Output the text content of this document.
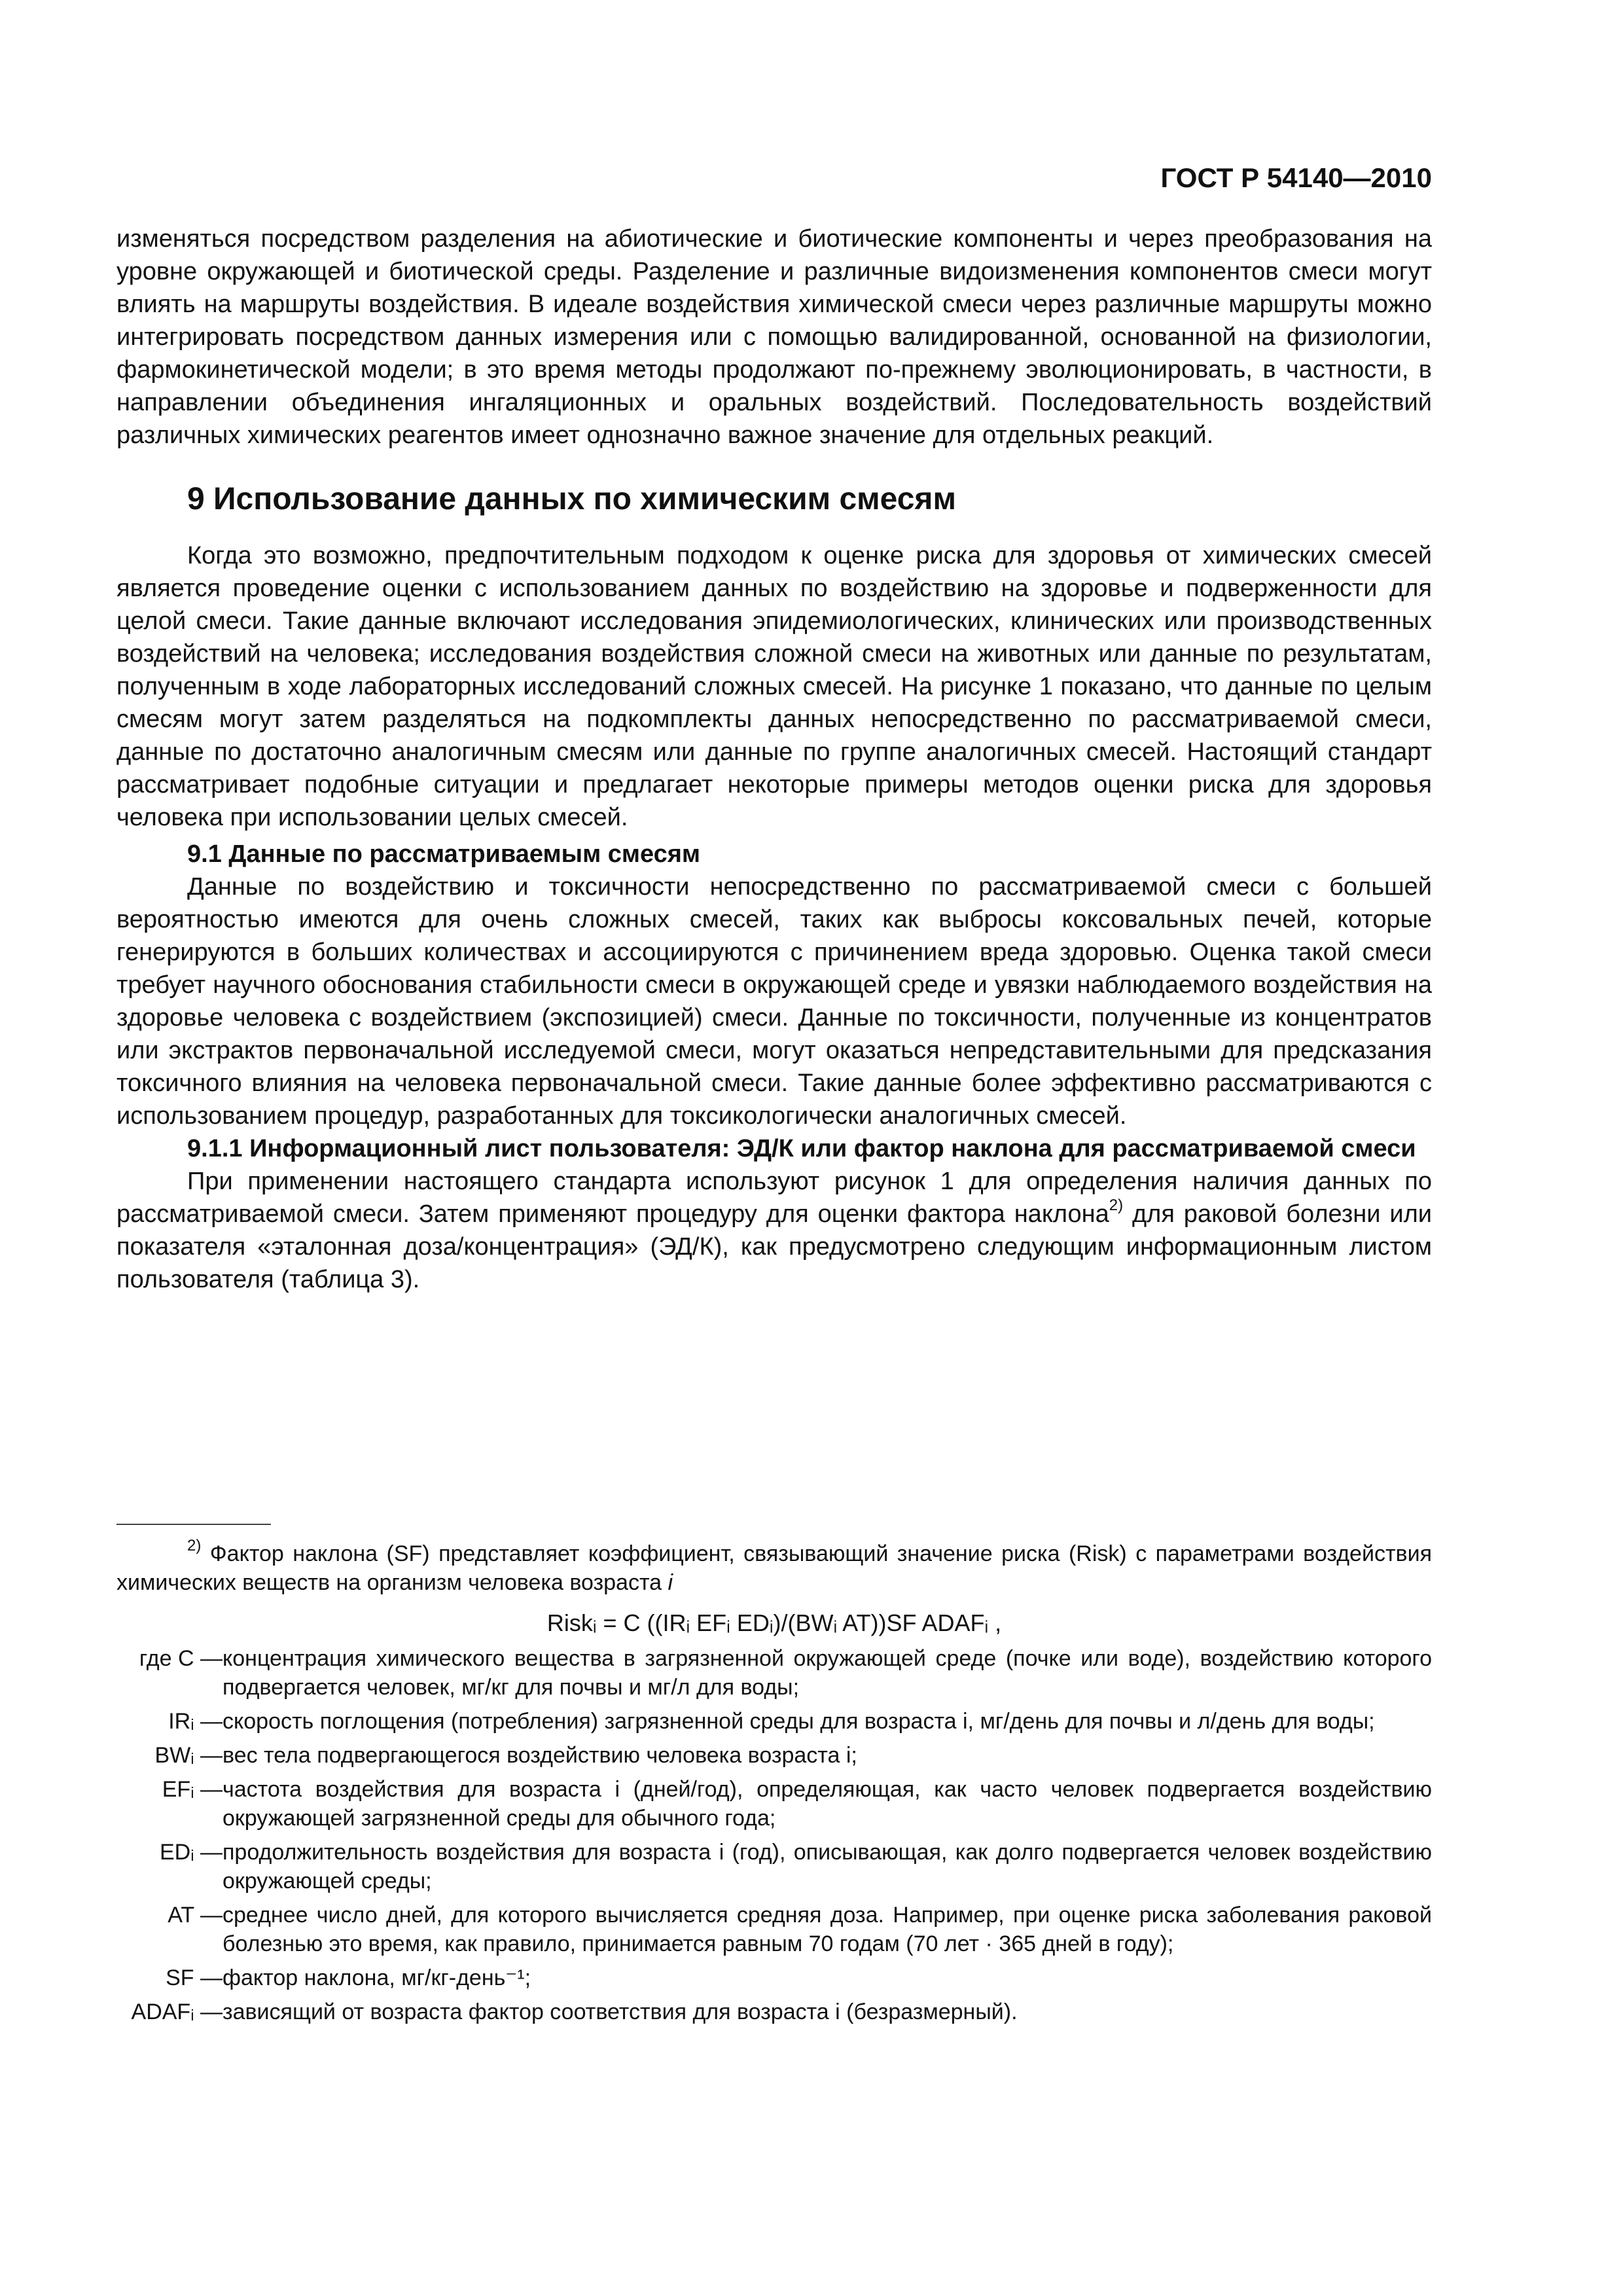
ГОСТ Р 54140—2010

изменяться посредством разделения на абиотические и биотические компоненты и через преобразования на уровне окружающей и биотической среды. Разделение и различные видоизменения компонентов смеси могут влиять на маршруты воздействия. В идеале воздействия химической смеси через различные маршруты можно интегрировать посредством данных измерения или с помощью валидированной, основанной на физиологии, фармокинетической модели; в это время методы продолжают по-прежнему эволюционировать, в частности, в направлении объединения ингаляционных и оральных воздействий. Последовательность воздействий различных химических реагентов имеет однозначно важное значение для отдельных реакций.

9 Использование данных по химическим смесям

Когда это возможно, предпочтительным подходом к оценке риска для здоровья от химических смесей является проведение оценки с использованием данных по воздействию на здоровье и подверженности для целой смеси. Такие данные включают исследования эпидемиологических, клинических или производственных воздействий на человека; исследования воздействия сложной смеси на животных или данные по результатам, полученным в ходе лабораторных исследований сложных смесей. На рисунке 1 показано, что данные по целым смесям могут затем разделяться на подкомплекты данных непосредственно по рассматриваемой смеси, данные по достаточно аналогичным смесям или данные по группе аналогичных смесей. Настоящий стандарт рассматривает подобные ситуации и предлагает некоторые примеры методов оценки риска для здоровья человека при использовании целых смесей.

9.1 Данные по рассматриваемым смесям

Данные по воздействию и токсичности непосредственно по рассматриваемой смеси с большей вероятностью имеются для очень сложных смесей, таких как выбросы коксовальных печей, которые генерируются в больших количествах и ассоциируются с причинением вреда здоровью. Оценка такой смеси требует научного обоснования стабильности смеси в окружающей среде и увязки наблюдаемого воздействия на здоровье человека с воздействием (экспозицией) смеси. Данные по токсичности, полученные из концентратов или экстрактов первоначальной исследуемой смеси, могут оказаться непредставительными для предсказания токсичного влияния на человека первоначальной смеси. Такие данные более эффективно рассматриваются с использованием процедур, разработанных для токсикологически аналогичных смесей.

9.1.1 Информационный лист пользователя: ЭД/К или фактор наклона для рассматриваемой смеси

При применении настоящего стандарта используют рисунок 1 для определения наличия данных по рассматриваемой смеси. Затем применяют процедуру для оценки фактора наклона$^{2)}$ для раковой болезни или показателя «эталонная доза/концентрация» (ЭД/К), как предусмотрено следующим информационным листом пользователя (таблица 3).

$^{2)}$ Фактор наклона (SF) представляет коэффициент, связывающий значение риска (Risk) с параметрами воздействия химических веществ на организм человека возраста i

Riskᵢ = C ((IRᵢ EFᵢ EDᵢ)/(BWᵢ AT))SF ADAFᵢ ,
где C — концентрация химического вещества в загрязненной окружающей среде (почке или воде), воздействию которого подвергается человек, мг/кг для почвы и мг/л для воды;
IRᵢ — скорость поглощения (потребления) загрязненной среды для возраста i, мг/день для почвы и л/день для воды;
BWᵢ — вес тела подвергающегося воздействию человека возраста i;
EFᵢ — частота воздействия для возраста i (дней/год), определяющая, как часто человек подвергается воздействию окружающей загрязненной среды для обычного года;
EDᵢ — продолжительность воздействия для возраста i (год), описывающая, как долго подвергается человек воздействию окружающей среды;
AT — среднее число дней, для которого вычисляется средняя доза. Например, при оценке риска заболевания раковой болезнью это время, как правило, принимается равным 70 годам (70 лет · 365 дней в году);
SF — фактор наклона, мг/кг-день⁻¹;
ADAFᵢ — зависящий от возраста фактор соответствия для возраста i (безразмерный).
